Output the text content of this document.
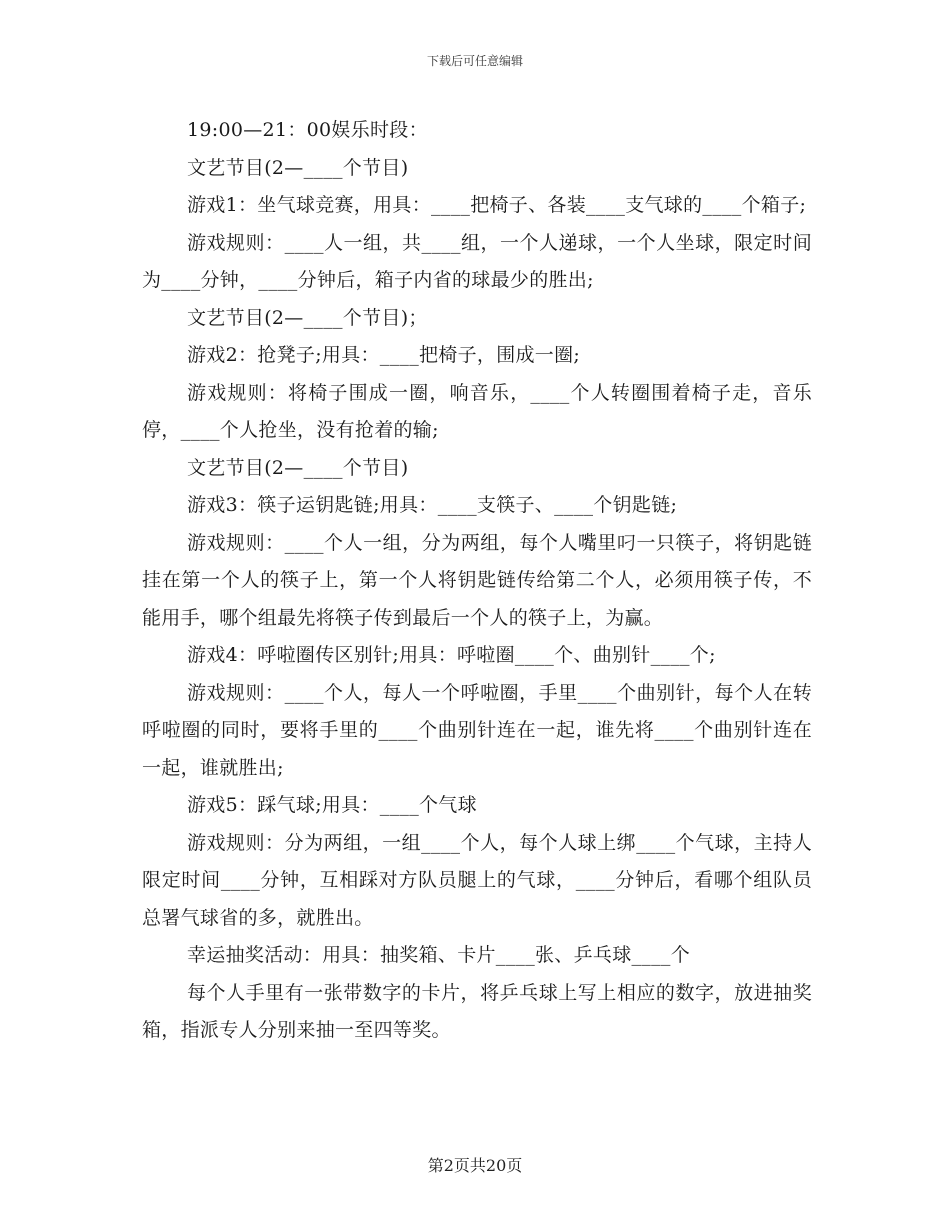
下载后可任意编辑
19:00—21：00娱乐时段：
文艺节目(2—____个节目)
游戏1：坐气球竞赛，用具：____把椅子、各装____支气球的____个箱子;
游戏规则：____人一组，共____组，一个人递球，一个人坐球，限定时间为____分钟，____分钟后，箱子内省的球最少的胜出;
文艺节目(2—____个节目)；
游戏2：抢凳子;用具：____把椅子，围成一圈;
游戏规则：将椅子围成一圈，响音乐，____个人转圈围着椅子走，音乐停，____个人抢坐，没有抢着的输;
文艺节目(2—____个节目)
游戏3：筷子运钥匙链;用具：____支筷子、____个钥匙链;
游戏规则：____个人一组，分为两组，每个人嘴里叼一只筷子，将钥匙链挂在第一个人的筷子上，第一个人将钥匙链传给第二个人，必须用筷子传，不能用手，哪个组最先将筷子传到最后一个人的筷子上，为赢。
游戏4：呼啦圈传区别针;用具：呼啦圈____个、曲别针____个;
游戏规则：____个人，每人一个呼啦圈，手里____个曲别针，每个人在转呼啦圈的同时，要将手里的____个曲别针连在一起，谁先将____个曲别针连在一起，谁就胜出;
游戏5：踩气球;用具：____个气球
游戏规则：分为两组，一组____个人，每个人球上绑____个气球，主持人限定时间____分钟，互相踩对方队员腿上的气球，____分钟后，看哪个组队员总署气球省的多，就胜出。
幸运抽奖活动：用具：抽奖箱、卡片____张、乒乓球____个
每个人手里有一张带数字的卡片，将乒乓球上写上相应的数字，放进抽奖箱，指派专人分别来抽一至四等奖。
第2页共20页
